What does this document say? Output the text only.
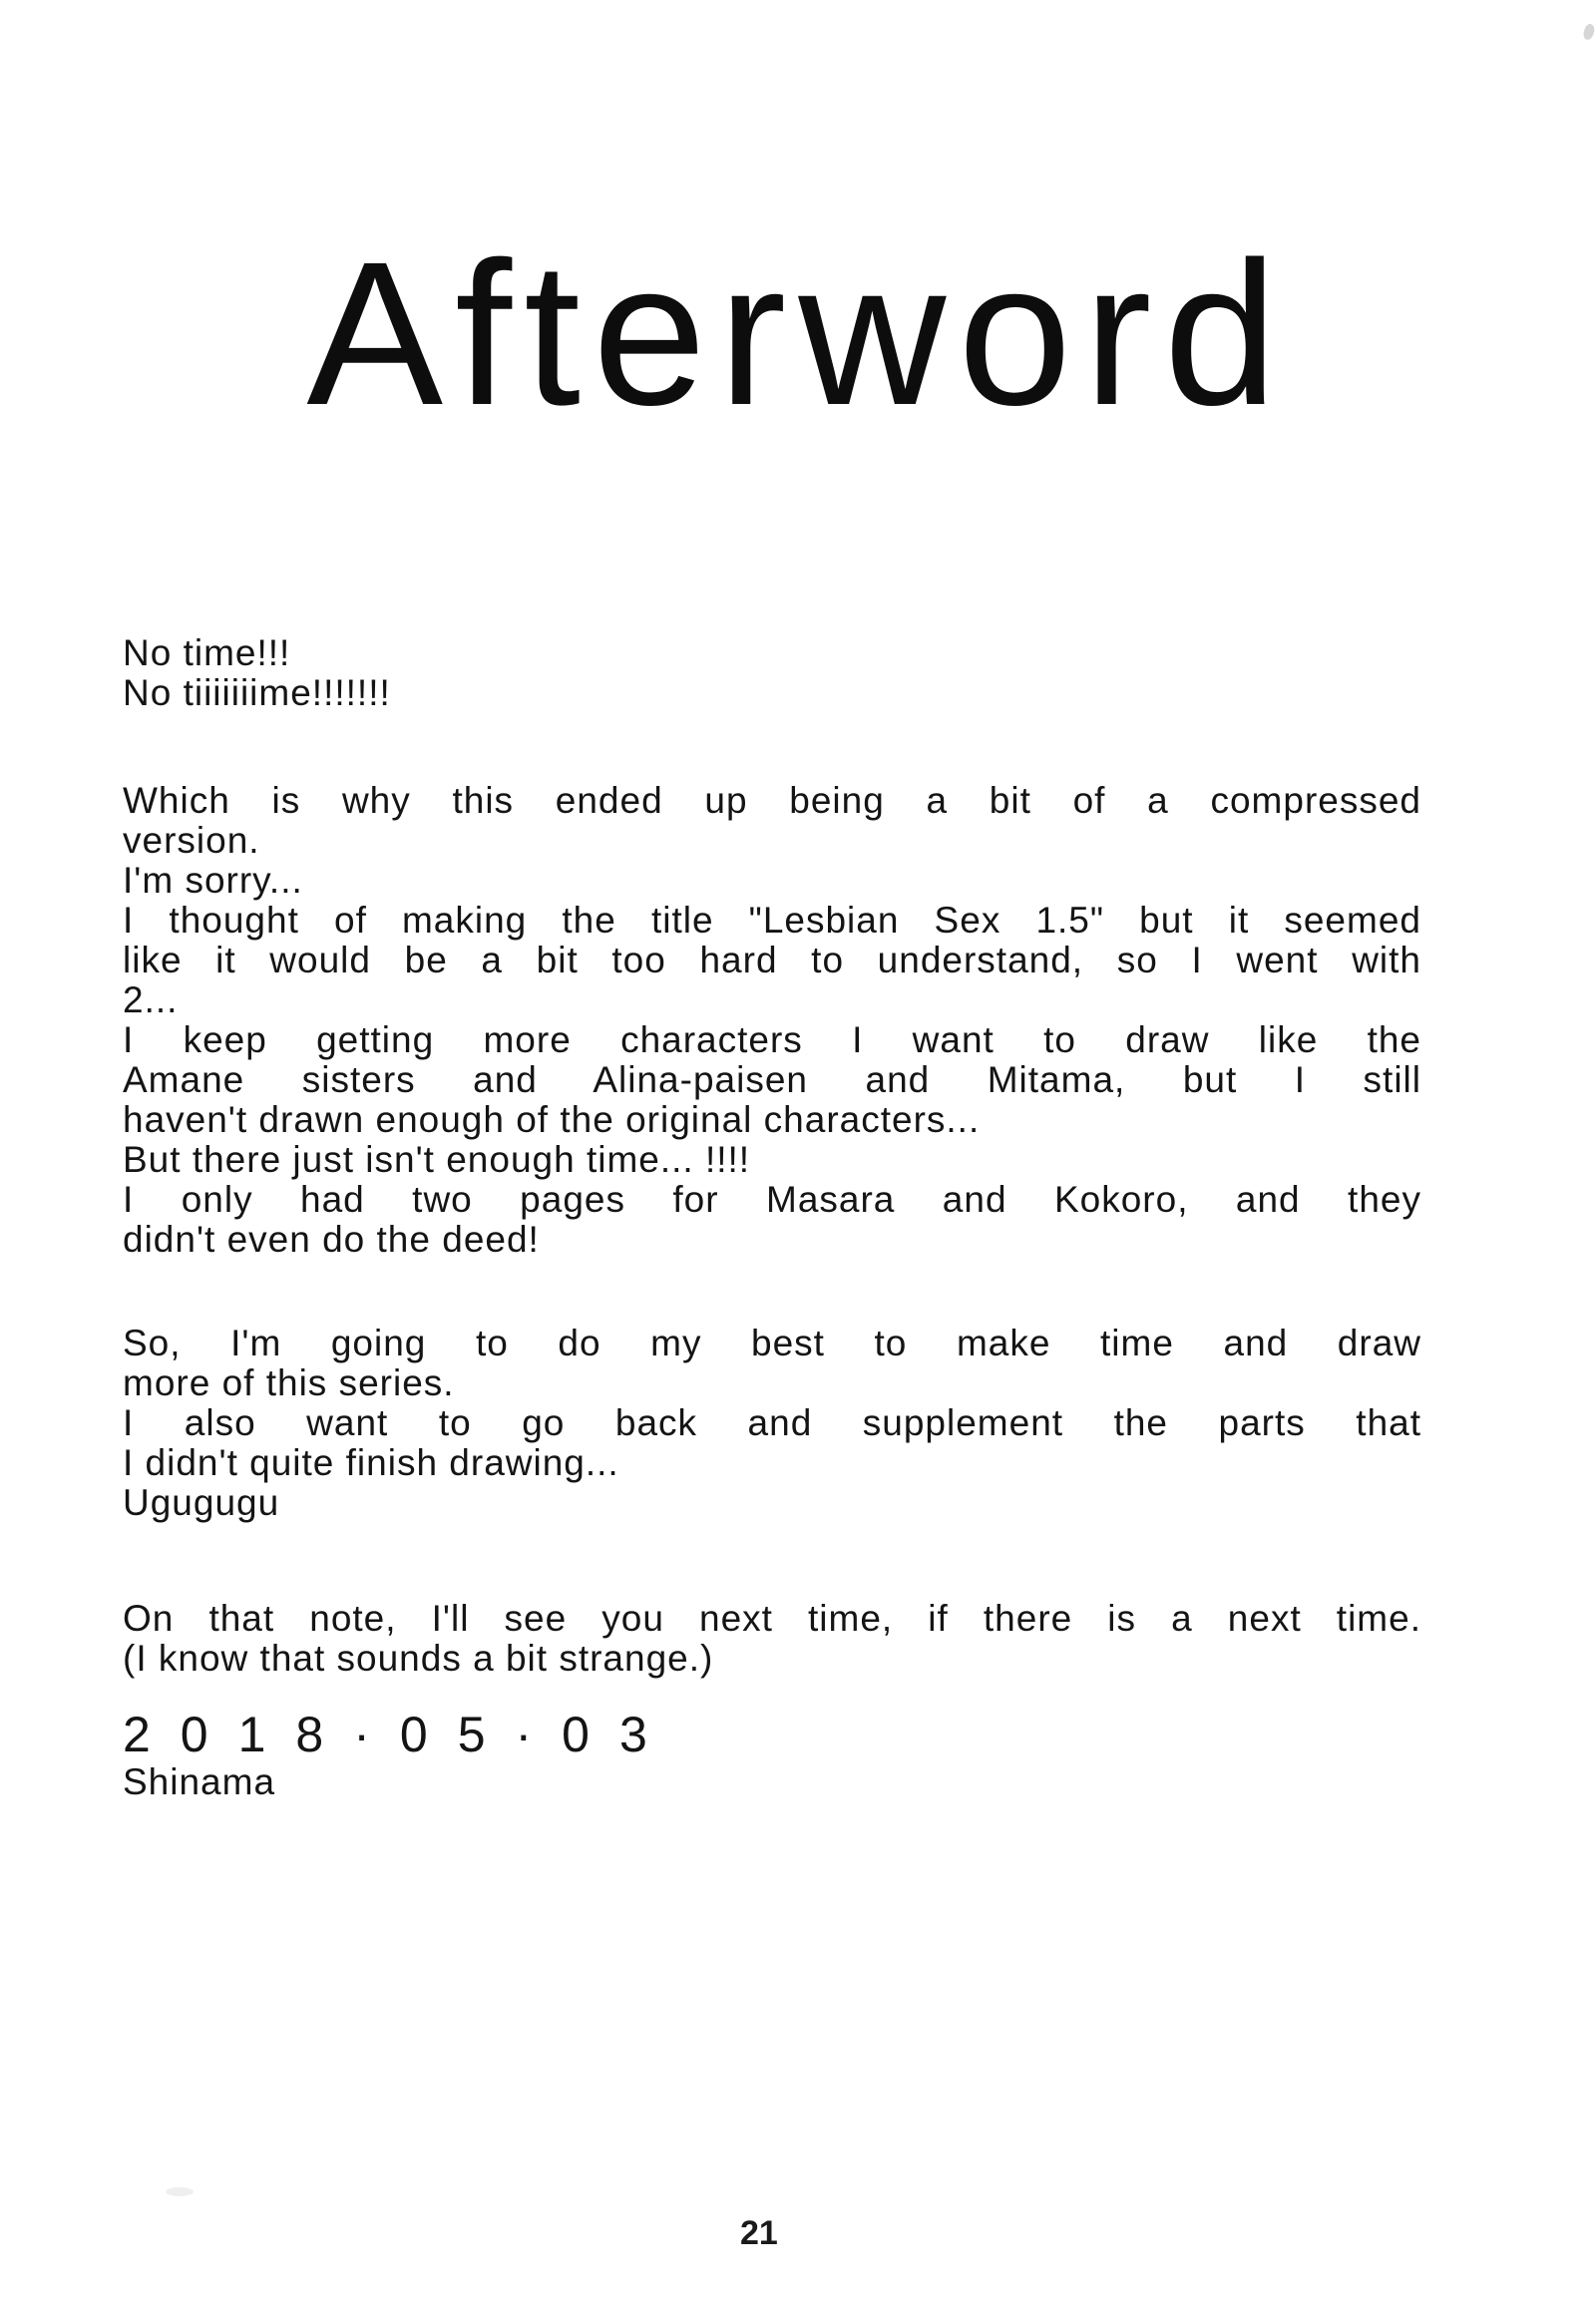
Afterword
No time!!!
No tiiiiiiime!!!!!!!
Which is why this ended up being a bit of a compressed
version.
I'm sorry...
I thought of making the title "Lesbian Sex 1.5" but it seemed
like it would be a bit too hard to understand, so I went with
2...
I keep getting more characters I want to draw like the
Amane sisters and Alina-paisen and Mitama, but I still
haven't drawn enough of the original characters...
But there just isn't enough time... !!!!
I only had two pages for Masara and Kokoro, and they
didn't even do the deed!
So, I'm going to do my best to make time and draw
more of this series.
I also want to go back and supplement the parts that
I didn't quite finish drawing...
Ugugugu
On that note, I'll see you next time, if there is a next time.
(I know that sounds a bit strange.)
2018·05·03
Shinama
21
